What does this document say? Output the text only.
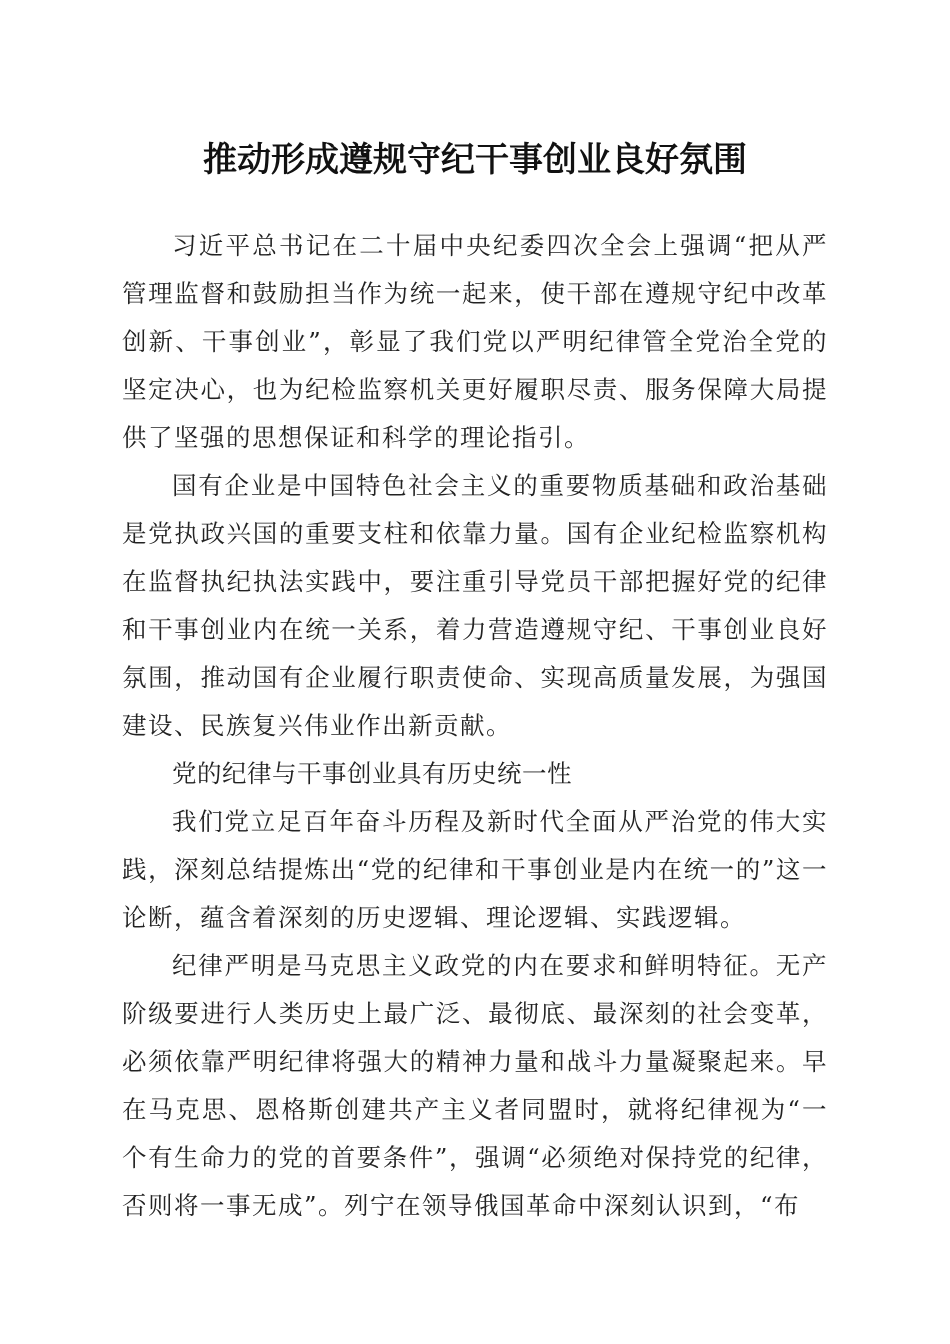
推动形成遵规守纪干事创业良好氛围

习近平总书记在二十届中央纪委四次全会上强调“把从严管理监督和鼓励担当作为统一起来，使干部在遵规守纪中改革创新、干事创业”，彰显了我们党以严明纪律管全党治全党的坚定决心，也为纪检监察机关更好履职尽责、服务保障大局提供了坚强的思想保证和科学的理论指引。

国有企业是中国特色社会主义的重要物质基础和政治基础是党执政兴国的重要支柱和依靠力量。国有企业纪检监察机构在监督执纪执法实践中，要注重引导党员干部把握好党的纪律和干事创业内在统一关系，着力营造遵规守纪、干事创业良好氛围，推动国有企业履行职责使命、实现高质量发展，为强国建设、民族复兴伟业作出新贡献。

党的纪律与干事创业具有历史统一性

我们党立足百年奋斗历程及新时代全面从严治党的伟大实践，深刻总结提炼出“党的纪律和干事创业是内在统一的”这一论断，蕴含着深刻的历史逻辑、理论逻辑、实践逻辑。

纪律严明是马克思主义政党的内在要求和鲜明特征。无产阶级要进行人类历史上最广泛、最彻底、最深刻的社会变革，必须依靠严明纪律将强大的精神力量和战斗力量凝聚起来。早在马克思、恩格斯创建共产主义者同盟时，就将纪律视为“一个有生命力的党的首要条件”，强调“必须绝对保持党的纪律，否则将一事无成”。列宁在领导俄国革命中深刻认识到，“布
